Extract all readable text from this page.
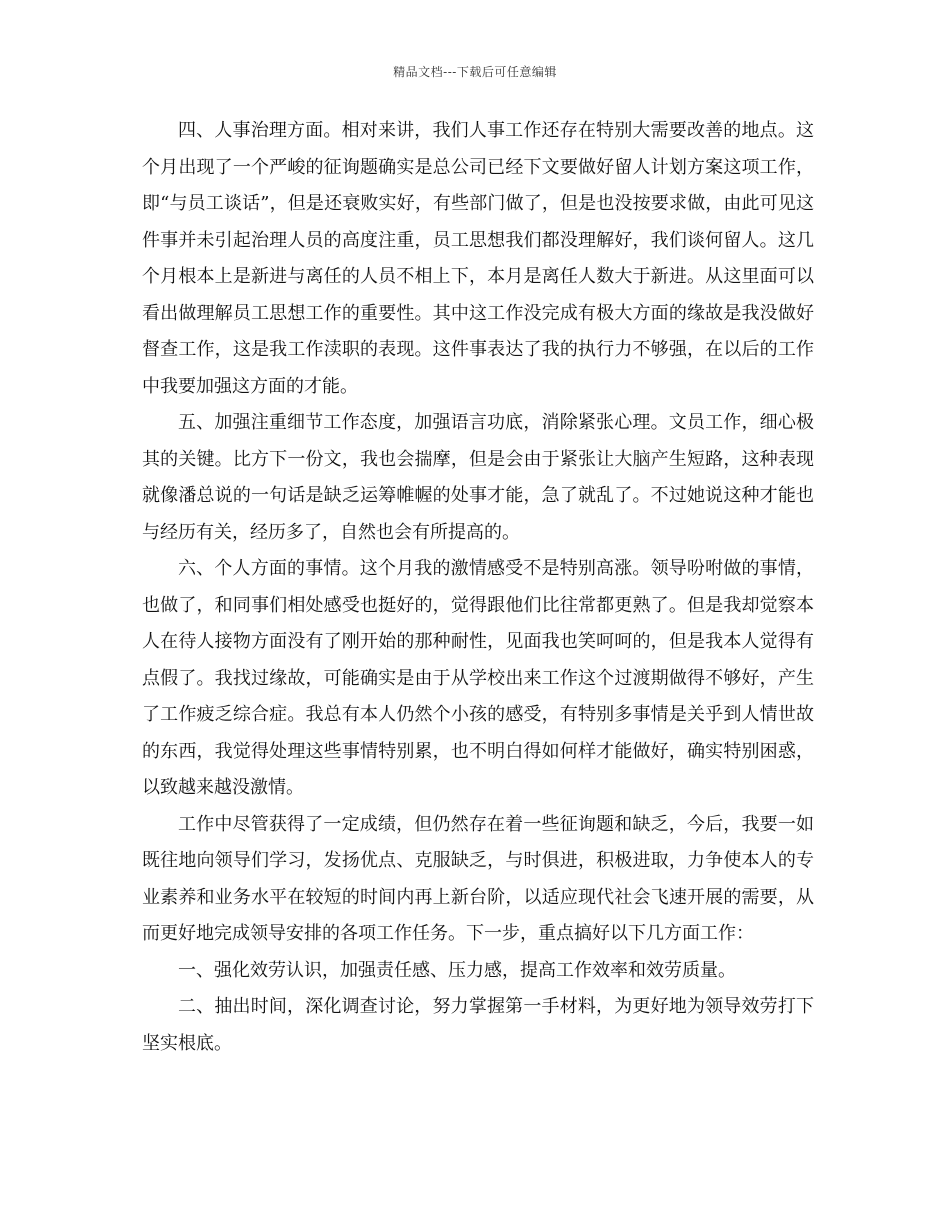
精品文档---下载后可任意编辑

四、人事治理方面。相对来讲，我们人事工作还存在特别大需要改善的地点。这个月出现了一个严峻的征询题确实是总公司已经下文要做好留人计划方案这项工作，即“与员工谈话”，但是还衰败实好，有些部门做了，但是也没按要求做，由此可见这件事并未引起治理人员的高度注重，员工思想我们都没理解好，我们谈何留人。这几个月根本上是新进与离任的人员不相上下，本月是离任人数大于新进。从这里面可以看出做理解员工思想工作的重要性。其中这工作没完成有极大方面的缘故是我没做好督查工作，这是我工作渎职的表现。这件事表达了我的执行力不够强，在以后的工作中我要加强这方面的才能。

五、加强注重细节工作态度，加强语言功底，消除紧张心理。文员工作，细心极其的关键。比方下一份文，我也会揣摩，但是会由于紧张让大脑产生短路，这种表现就像潘总说的一句话是缺乏运筹帷幄的处事才能，急了就乱了。不过她说这种才能也与经历有关，经历多了，自然也会有所提高的。

六、个人方面的事情。这个月我的激情感受不是特别高涨。领导吩咐做的事情，也做了，和同事们相处感受也挺好的，觉得跟他们比往常都更熟了。但是我却觉察本人在待人接物方面没有了刚开始的那种耐性，见面我也笑呵呵的，但是我本人觉得有点假了。我找过缘故，可能确实是由于从学校出来工作这个过渡期做得不够好，产生了工作疲乏综合症。我总有本人仍然个小孩的感受，有特别多事情是关乎到人情世故的东西，我觉得处理这些事情特别累，也不明白得如何样才能做好，确实特别困惑，以致越来越没激情。

工作中尽管获得了一定成绩，但仍然存在着一些征询题和缺乏，今后，我要一如既往地向领导们学习，发扬优点、克服缺乏，与时俱进，积极进取，力争使本人的专业素养和业务水平在较短的时间内再上新台阶，以适应现代社会飞速开展的需要，从而更好地完成领导安排的各项工作任务。下一步，重点搞好以下几方面工作：

一、强化效劳认识，加强责任感、压力感，提高工作效率和效劳质量。

二、抽出时间，深化调查讨论，努力掌握第一手材料，为更好地为领导效劳打下坚实根底。
